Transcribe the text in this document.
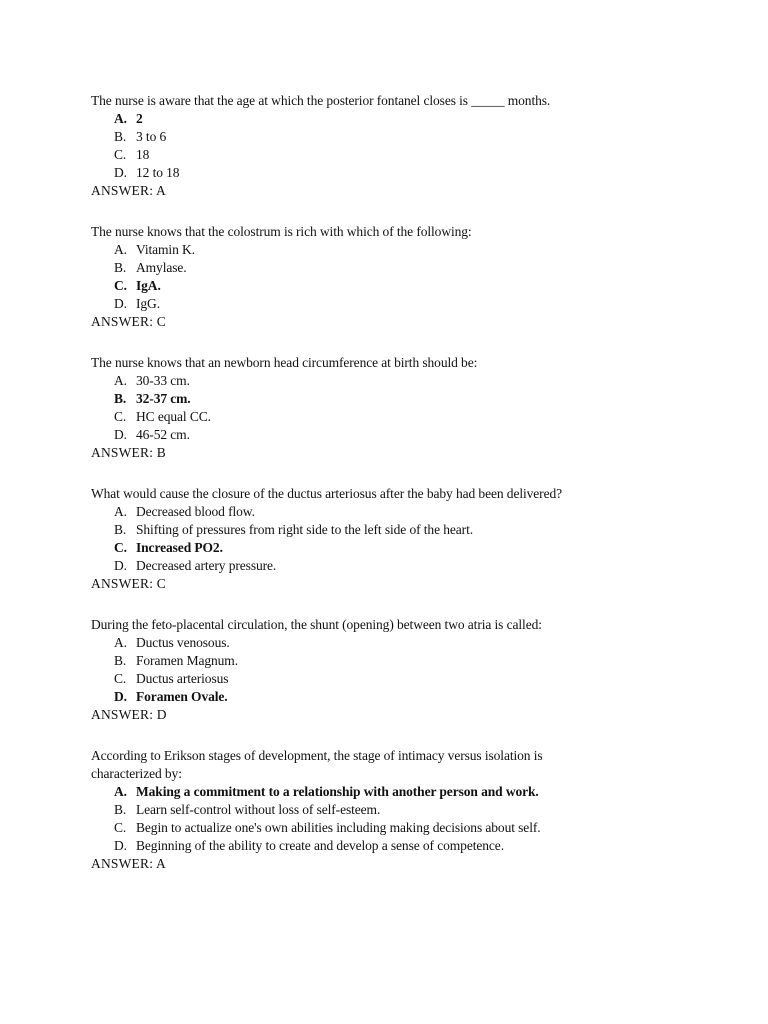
The nurse is aware that the age at which the posterior fontanel closes is _____ months.

A. 2
B. 3 to 6
C. 18
D. 12 to 18

ANSWER: A

The nurse knows that the colostrum is rich with which of the following:

A. Vitamin K.
B. Amylase.
C. IgA.
D. IgG.

ANSWER: C

The nurse knows that an newborn head circumference at birth should be:

A. 30-33 cm.
B. 32-37 cm.
C. HC equal CC.
D. 46-52 cm.

ANSWER: B

What would cause the closure of the ductus arteriosus after the baby had been delivered?

A. Decreased blood flow.
B. Shifting of pressures from right side to the left side of the heart.
C. Increased PO2.
D. Decreased artery pressure.

ANSWER: C

During the feto-placental circulation, the shunt (opening) between two atria is called:

A. Ductus venosous.
B. Foramen Magnum.
C. Ductus arteriosus
D. Foramen Ovale.

ANSWER: D

According to Erikson stages of development, the stage of intimacy versus isolation is characterized by:

A. Making a commitment to a relationship with another person and work.
B. Learn self-control without loss of self-esteem.
C. Begin to actualize one's own abilities including making decisions about self.
D. Beginning of the ability to create and develop a sense of competence.

ANSWER: A
